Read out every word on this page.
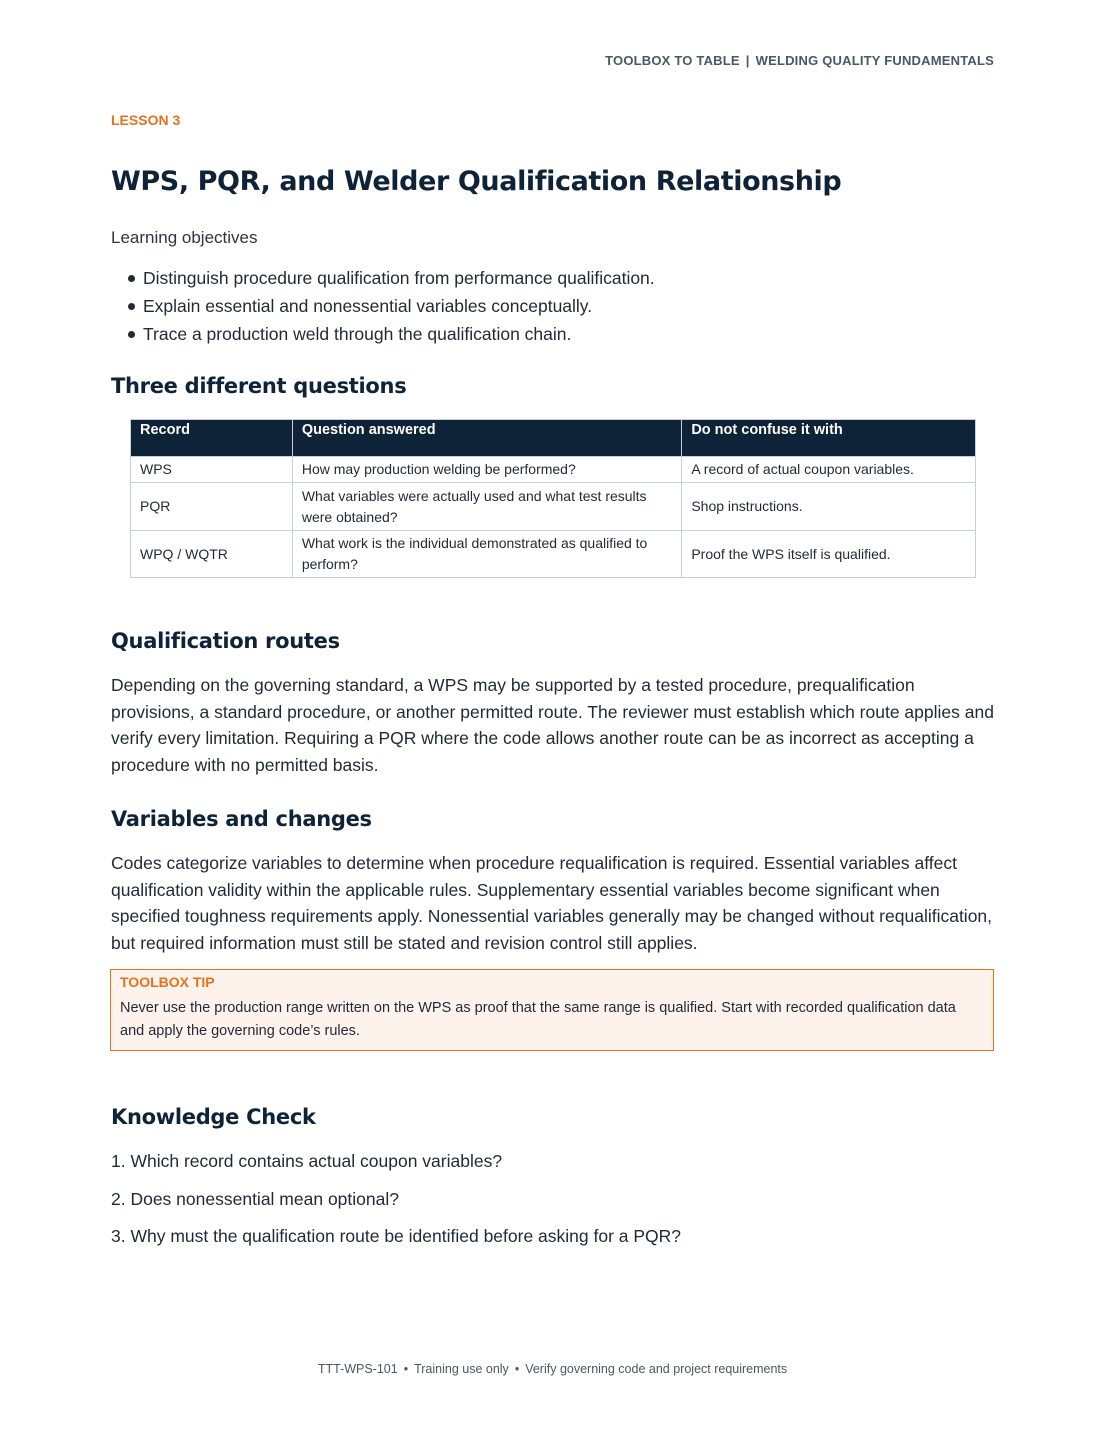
TOOLBOX TO TABLE | WELDING QUALITY FUNDAMENTALS
LESSON 3
WPS, PQR, and Welder Qualification Relationship
Learning objectives
Distinguish procedure qualification from performance qualification.
Explain essential and nonessential variables conceptually.
Trace a production weld through the qualification chain.
Three different questions
Record	Question answered	Do not confuse it with
WPS	How may production welding be performed?	A record of actual coupon variables.
PQR	What variables were actually used and what test results were obtained?	Shop instructions.
WPQ / WQTR	What work is the individual demonstrated as qualified to perform?	Proof the WPS itself is qualified.
Qualification routes

Depending on the governing standard, a WPS may be supported by a tested procedure, prequalification provisions, a standard procedure, or another permitted route. The reviewer must establish which route applies and verify every limitation. Requiring a PQR where the code allows another route can be as incorrect as accepting a procedure with no permitted basis.

Variables and changes

Codes categorize variables to determine when procedure requalification is required. Essential variables affect qualification validity within the applicable rules. Supplementary essential variables become significant when specified toughness requirements apply. Nonessential variables generally may be changed without requalification, but required information must still be stated and revision control still applies.

TOOLBOX TIP
Never use the production range written on the WPS as proof that the same range is qualified. Start with recorded qualification data and apply the governing code’s rules.
Knowledge Check
1. Which record contains actual coupon variables?
2. Does nonessential mean optional?
3. Why must the qualification route be identified before asking for a PQR?
TTT-WPS-101 • Training use only • Verify governing code and project requirements
